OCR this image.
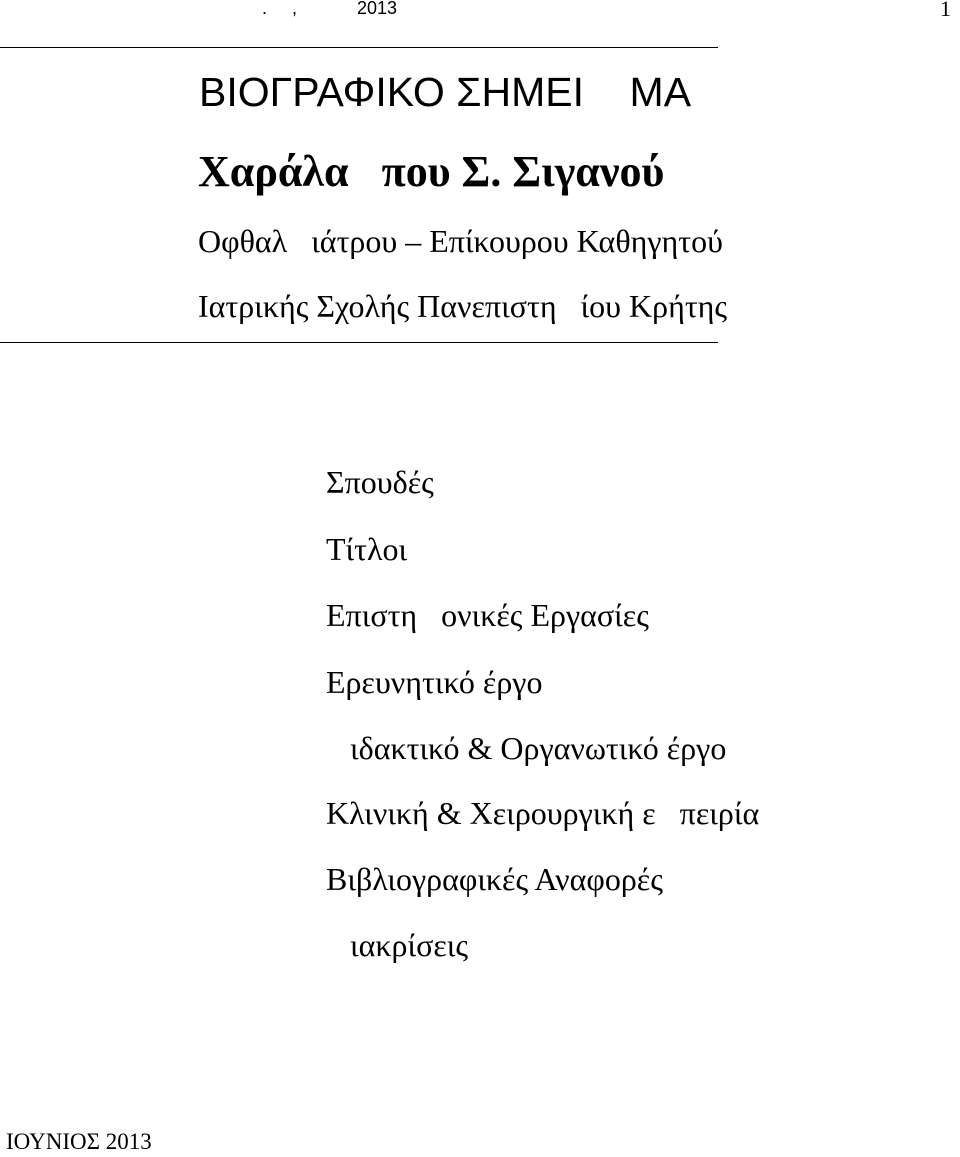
.     ,            2013	1
ΒΙΟΓΡΑΦΙΚΟ ΣΗΜΕΙ    ΜΑ
Χαράλα   που Σ. Σιγανού
Οφθαλ   ιάτρου – Επίκουρου Καθηγητού
Ιατρικής Σχολής Πανεπιστη   ίου Κρήτης
Σπουδές
Τίτλοι
Επιστη   ονικές Εργασίες
Ερευνητικό έργο
ιδακτικό & Οργανωτικό έργο
Κλινική & Χειρουργική ε   πειρία
Βιβλιογραφικές Αναφορές
ιακρίσεις
ΙΟΥΝΙΟΣ 2013
